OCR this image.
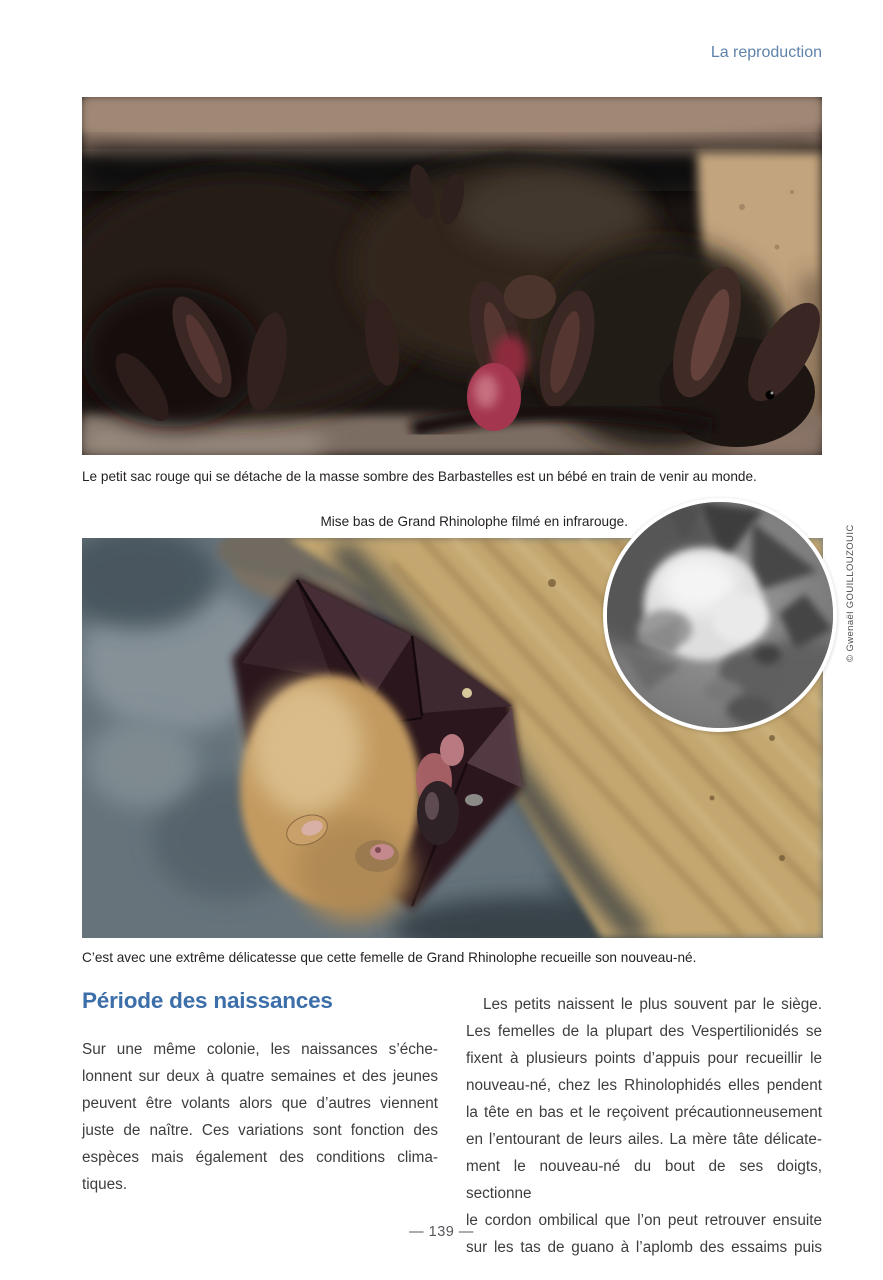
La reproduction
Le petit sac rouge qui se détache de la masse sombre des Barbastelles est un bébé en train de venir au monde.
Mise bas de Grand Rhinolophe filmé en infrarouge.
© Gwenaël GOUILLOUZOUIC
C’est avec une extrême délicatesse que cette femelle de Grand Rhinolophe recueille son nouveau-né.
Période des naissances
Sur une même colonie, les naissances s’éche-
lonnent sur deux à quatre semaines et des jeunes
peuvent être volants alors que d’autres viennent
juste de naître. Ces variations sont fonction des
espèces mais également des conditions clima-
tiques.
Les petits naissent le plus souvent par le siège.
Les femelles de la plupart des Vespertilionidés se
fixent à plusieurs points d’appuis pour recueillir le
nouveau-né, chez les Rhinolophidés elles pendent
la tête en bas et le reçoivent précautionneusement
en l’entourant de leurs ailes. La mère tâte délicate-
ment le nouveau-né du bout de ses doigts, sectionne
le cordon ombilical que l’on peut retrouver ensuite
sur les tas de guano à l’aplomb des essaims puis
— 139 —
